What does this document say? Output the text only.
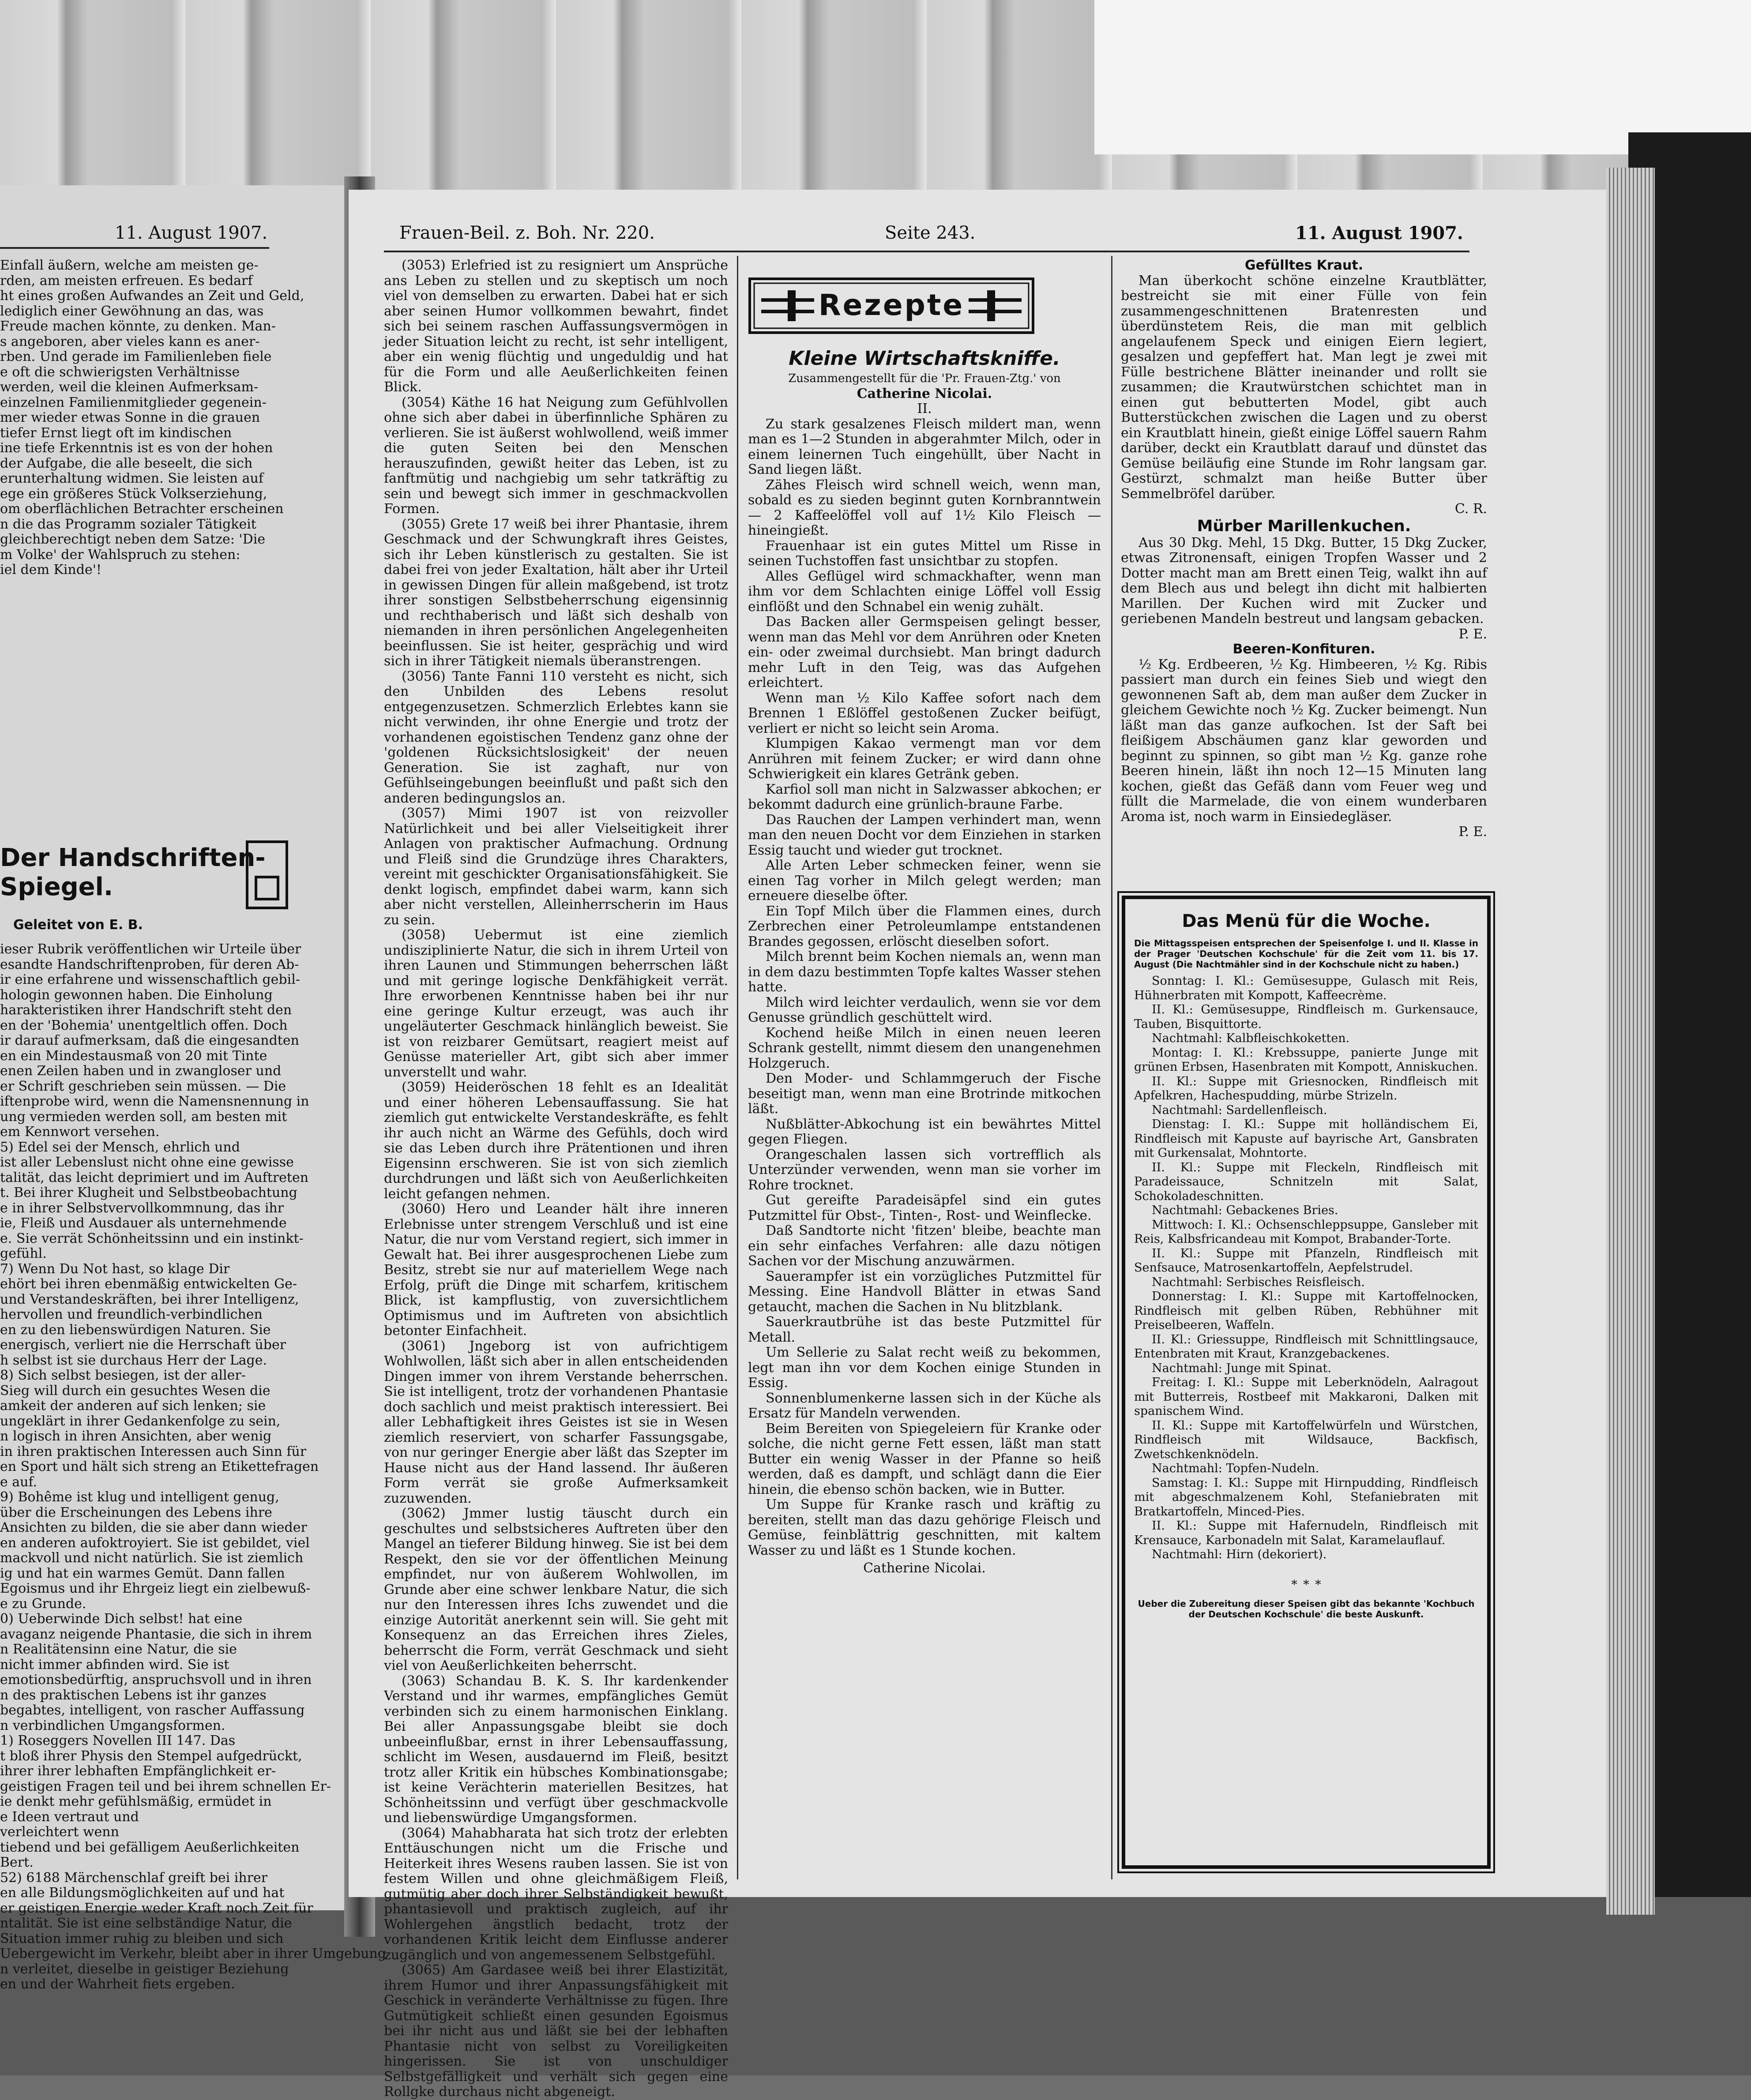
11. August 1907.

Einfall äußern, welche am meisten ge-

rden, am meisten erfreuen. Es bedarf

ht eines großen Aufwandes an Zeit und Geld,

lediglich einer Gewöhnung an das, was

Freude machen könnte, zu denken. Man-

s angeboren, aber vieles kann es aner-

rben. Und gerade im Familienleben fiele

e oft die schwierigsten Verhältnisse

werden, weil die kleinen Aufmerksam-

einzelnen Familienmitglieder gegenein-

mer wieder etwas Sonne in die grauen

tiefer Ernst liegt oft im kindischen

ine tiefe Erkenntnis ist es von der hohen

der Aufgabe, die alle beseelt, die sich

erunterhaltung widmen. Sie leisten auf

ege ein größeres Stück Volkserziehung,

om oberflächlichen Betrachter erscheinen

n die das Programm sozialer Tätigkeit

gleichberechtigt neben dem Satze: 'Die

m Volke' der Wahlspruch zu stehen:

iel dem Kinde'!

Der Handschriften-
Spiegel.
Geleitet von E. B.

ieser Rubrik veröffentlichen wir Urteile über

esandte Handschriftenproben, für deren Ab-

ir eine erfahrene und wissenschaftlich gebil-

hologin gewonnen haben. Die Einholung

harakteristiken ihrer Handschrift steht den

en der 'Bohemia' unentgeltlich offen. Doch

ir darauf aufmerksam, daß die eingesandten

en ein Mindestausmaß von 20 mit Tinte

enen Zeilen haben und in zwangloser und

er Schrift geschrieben sein müssen. — Die

iftenprobe wird, wenn die Namensnennung in

ung vermieden werden soll, am besten mit

em Kennwort versehen.

5) Edel sei der Mensch, ehrlich und

ist aller Lebenslust nicht ohne eine gewisse

talität, das leicht deprimiert und im Auftreten

t. Bei ihrer Klugheit und Selbstbeobachtung

e in ihrer Selbstvervollkommnung, das ihr

ie, Fleiß und Ausdauer als unternehmende

e. Sie verrät Schönheitssinn und ein instinkt-

gefühl.

7) Wenn Du Not hast, so klage Dir

ehört bei ihren ebenmäßig entwickelten Ge-

und Verstandeskräften, bei ihrer Intelligenz,

hervollen und freundlich-verbindlichen

en zu den liebenswürdigen Naturen. Sie

energisch, verliert nie die Herrschaft über

h selbst ist sie durchaus Herr der Lage.

8) Sich selbst besiegen, ist der aller-

Sieg will durch ein gesuchtes Wesen die

amkeit der anderen auf sich lenken; sie

ungeklärt in ihrer Gedankenfolge zu sein,

n logisch in ihren Ansichten, aber wenig

in ihren praktischen Interessen auch Sinn für

en Sport und hält sich streng an Etikettefragen

e auf.

9) Bohême ist klug und intelligent genug,

über die Erscheinungen des Lebens ihre

Ansichten zu bilden, die sie aber dann wieder

en anderen aufoktroyiert. Sie ist gebildet, viel

mackvoll und nicht natürlich. Sie ist ziemlich

ig und hat ein warmes Gemüt. Dann fallen

Egoismus und ihr Ehrgeiz liegt ein zielbewuß-

e zu Grunde.

0) Ueberwinde Dich selbst! hat eine

avaganz neigende Phantasie, die sich in ihrem

n Realitätensinn eine Natur, die sie

nicht immer abfinden wird. Sie ist

emotionsbedürftig, anspruchsvoll und in ihren

n des praktischen Lebens ist ihr ganzes

begabtes, intelligent, von rascher Auffassung

n verbindlichen Umgangsformen.

1) Roseggers Novellen III 147. Das

t bloß ihrer Physis den Stempel aufgedrückt,

ihrer ihrer lebhaften Empfänglichkeit er-

geistigen Fragen teil und bei ihrem schnellen Er-

ie denkt mehr gefühlsmäßig, ermüdet in

e Ideen vertraut und

verleichtert wenn

tiebend und bei gefälligem Aeußerlichkeiten

Bert.

52) 6188 Märchenschlaf greift bei ihrer

en alle Bildungsmöglichkeiten auf und hat

er geistigen Energie weder Kraft noch Zeit für

ntalität. Sie ist eine selbständige Natur, die

Situation immer ruhig zu bleiben und sich

Uebergewicht im Verkehr, bleibt aber in ihrer Umgebung

n verleitet, dieselbe in geistiger Beziehung

en und der Wahrheit fiets ergeben.

Frauen-Beil. z. Boh. Nr. 220.	Seite 243.	11. August 1907.

(3053) Erlefried ist zu resigniert um Ansprüche ans Leben zu stellen und zu skeptisch um noch viel von demselben zu erwarten. Dabei hat er sich aber seinen Humor vollkommen bewahrt, findet sich bei seinem raschen Auffassungsvermögen in jeder Situation leicht zu recht, ist sehr intelligent, aber ein wenig flüchtig und ungeduldig und hat für die Form und alle Aeußerlichkeiten feinen Blick.

(3054) Käthe 16 hat Neigung zum Gefühlvollen ohne sich aber dabei in überfinnliche Sphären zu verlieren. Sie ist äußerst wohlwollend, weiß immer die guten Seiten bei den Menschen herauszufinden, gewißt heiter das Leben, ist zu fanftmütig und nachgiebig um sehr tatkräftig zu sein und bewegt sich immer in geschmackvollen Formen.

(3055) Grete 17 weiß bei ihrer Phantasie, ihrem Geschmack und der Schwungkraft ihres Geistes, sich ihr Leben künstlerisch zu gestalten. Sie ist dabei frei von jeder Exaltation, hält aber ihr Urteil in gewissen Dingen für allein maßgebend, ist trotz ihrer sonstigen Selbstbeherrschung eigensinnig und rechthaberisch und läßt sich deshalb von niemanden in ihren persönlichen Angelegenheiten beeinflussen. Sie ist heiter, gesprächig und wird sich in ihrer Tätigkeit niemals überanstrengen.

(3056) Tante Fanni 110 versteht es nicht, sich den Unbilden des Lebens resolut entgegenzusetzen. Schmerzlich Erlebtes kann sie nicht verwinden, ihr ohne Energie und trotz der vorhandenen egoistischen Tendenz ganz ohne der 'goldenen Rücksichtslosigkeit' der neuen Generation. Sie ist zaghaft, nur von Gefühlseingebungen beeinflußt und paßt sich den anderen bedingungslos an.

(3057) Mimi 1907 ist von reizvoller Natürlichkeit und bei aller Vielseitigkeit ihrer Anlagen von praktischer Aufmachung. Ordnung und Fleiß sind die Grundzüge ihres Charakters, vereint mit geschickter Organisationsfähigkeit. Sie denkt logisch, empfindet dabei warm, kann sich aber nicht verstellen, Alleinherrscherin im Haus zu sein.

(3058) Uebermut ist eine ziemlich undisziplinierte Natur, die sich in ihrem Urteil von ihren Launen und Stimmungen beherrschen läßt und mit geringe logische Denkfähigkeit verrät. Ihre erworbenen Kenntnisse haben bei ihr nur eine geringe Kultur erzeugt, was auch ihr ungeläuterter Geschmack hinlänglich beweist. Sie ist von reizbarer Gemütsart, reagiert meist auf Genüsse materieller Art, gibt sich aber immer unverstellt und wahr.

(3059) Heideröschen 18 fehlt es an Idealität und einer höheren Lebensauffassung. Sie hat ziemlich gut entwickelte Verstandeskräfte, es fehlt ihr auch nicht an Wärme des Gefühls, doch wird sie das Leben durch ihre Prätentionen und ihren Eigensinn erschweren. Sie ist von sich ziemlich durchdrungen und läßt sich von Aeußerlichkeiten leicht gefangen nehmen.

(3060) Hero und Leander hält ihre inneren Erlebnisse unter strengem Verschluß und ist eine Natur, die nur vom Verstand regiert, sich immer in Gewalt hat. Bei ihrer ausgesprochenen Liebe zum Besitz, strebt sie nur auf materiellem Wege nach Erfolg, prüft die Dinge mit scharfem, kritischem Blick, ist kampflustig, von zuversichtlichem Optimismus und im Auftreten von absichtlich betonter Einfachheit.

(3061) Jngeborg ist von aufrichtigem Wohlwollen, läßt sich aber in allen entscheidenden Dingen immer von ihrem Verstande beherrschen. Sie ist intelligent, trotz der vorhandenen Phantasie doch sachlich und meist praktisch interessiert. Bei aller Lebhaftigkeit ihres Geistes ist sie in Wesen ziemlich reserviert, von scharfer Fassungsgabe, von nur geringer Energie aber läßt das Szepter im Hause nicht aus der Hand lassend. Ihr äußeren Form verrät sie große Aufmerksamkeit zuzuwenden.

(3062) Jmmer lustig täuscht durch ein geschultes und selbstsicheres Auftreten über den Mangel an tieferer Bildung hinweg. Sie ist bei dem Respekt, den sie vor der öffentlichen Meinung empfindet, nur von äußerem Wohlwollen, im Grunde aber eine schwer lenkbare Natur, die sich nur den Interessen ihres Ichs zuwendet und die einzige Autorität anerkennt sein will. Sie geht mit Konsequenz an das Erreichen ihres Zieles, beherrscht die Form, verrät Geschmack und sieht viel von Aeußerlichkeiten beherrscht.

(3063) Schandau B. K. S. Ihr kardenkender Verstand und ihr warmes, empfängliches Gemüt verbinden sich zu einem harmonischen Einklang. Bei aller Anpassungsgabe bleibt sie doch unbeeinflußbar, ernst in ihrer Lebensauffassung, schlicht im Wesen, ausdauernd im Fleiß, besitzt trotz aller Kritik ein hübsches Kombinationsgabe; ist keine Verächterin materiellen Besitzes, hat Schönheitssinn und verfügt über geschmackvolle und liebenswürdige Umgangsformen.

(3064) Mahabharata hat sich trotz der erlebten Enttäuschungen nicht um die Frische und Heiterkeit ihres Wesens rauben lassen. Sie ist von festem Willen und ohne gleichmäßigem Fleiß, gutmütig aber doch ihrer Selbständigkeit bewußt, phantasievoll und praktisch zugleich, auf ihr Wohlergehen ängstlich bedacht, trotz der vorhandenen Kritik leicht dem Einflusse anderer zugänglich und von angemessenem Selbstgefühl.

(3065) Am Gardasee weiß bei ihrer Elastizität, ihrem Humor und ihrer Anpassungsfähigkeit mit Geschick in veränderte Verhältnisse zu fügen. Ihre Gutmütigkeit schließt einen gesunden Egoismus bei ihr nicht aus und läßt sie bei der lebhaften Phantasie nicht von selbst zu Voreiligkeiten hingerissen. Sie ist von unschuldiger Selbstgefälligkeit und verhält sich gegen eine Rollgke durchaus nicht abgeneigt.

Rezepte

Kleine Wirtschaftskniffe.

Zusammengestellt für die 'Pr. Frauen-Ztg.' von

Catherine Nicolai.

II.

Zu stark gesalzenes Fleisch mildert man, wenn man es 1—2 Stunden in abgerahmter Milch, oder in einem leinernen Tuch eingehüllt, über Nacht in Sand liegen läßt.

Zähes Fleisch wird schnell weich, wenn man, sobald es zu sieden beginnt guten Kornbranntwein — 2 Kaffeelöffel voll auf 1½ Kilo Fleisch — hineingießt.

Frauenhaar ist ein gutes Mittel um Risse in seinen Tuchstoffen fast unsichtbar zu stopfen.

Alles Geflügel wird schmackhafter, wenn man ihm vor dem Schlachten einige Löffel voll Essig einflößt und den Schnabel ein wenig zuhält.

Das Backen aller Germspeisen gelingt besser, wenn man das Mehl vor dem Anrühren oder Kneten ein- oder zweimal durchsiebt. Man bringt dadurch mehr Luft in den Teig, was das Aufgehen erleichtert.

Wenn man ½ Kilo Kaffee sofort nach dem Brennen 1 Eßlöffel gestoßenen Zucker beifügt, verliert er nicht so leicht sein Aroma.

Klumpigen Kakao vermengt man vor dem Anrühren mit feinem Zucker; er wird dann ohne Schwierigkeit ein klares Getränk geben.

Karfiol soll man nicht in Salzwasser abkochen; er bekommt dadurch eine grünlich-braune Farbe.

Das Rauchen der Lampen verhindert man, wenn man den neuen Docht vor dem Einziehen in starken Essig taucht und wieder gut trocknet.

Alle Arten Leber schmecken feiner, wenn sie einen Tag vorher in Milch gelegt werden; man erneuere dieselbe öfter.

Ein Topf Milch über die Flammen eines, durch Zerbrechen einer Petroleumlampe entstandenen Brandes gegossen, erlöscht dieselben sofort.

Milch brennt beim Kochen niemals an, wenn man in dem dazu bestimmten Topfe kaltes Wasser stehen hatte.

Milch wird leichter verdaulich, wenn sie vor dem Genusse gründlich geschüttelt wird.

Kochend heiße Milch in einen neuen leeren Schrank gestellt, nimmt diesem den unangenehmen Holzgeruch.

Den Moder- und Schlammgeruch der Fische beseitigt man, wenn man eine Brotrinde mitkochen läßt.

Nußblätter-Abkochung ist ein bewährtes Mittel gegen Fliegen.

Orangeschalen lassen sich vortrefflich als Unterzünder verwenden, wenn man sie vorher im Rohre trocknet.

Gut gereifte Paradeisäpfel sind ein gutes Putzmittel für Obst-, Tinten-, Rost- und Weinflecke.

Daß Sandtorte nicht 'fitzen' bleibe, beachte man ein sehr einfaches Verfahren: alle dazu nötigen Sachen vor der Mischung anzuwärmen.

Sauerampfer ist ein vorzügliches Putzmittel für Messing. Eine Handvoll Blätter in etwas Sand getaucht, machen die Sachen in Nu blitzblank.

Sauerkrautbrühe ist das beste Putzmittel für Metall.

Um Sellerie zu Salat recht weiß zu bekommen, legt man ihn vor dem Kochen einige Stunden in Essig.

Sonnenblumenkerne lassen sich in der Küche als Ersatz für Mandeln verwenden.

Beim Bereiten von Spiegeleiern für Kranke oder solche, die nicht gerne Fett essen, läßt man statt Butter ein wenig Wasser in der Pfanne so heiß werden, daß es dampft, und schlägt dann die Eier hinein, die ebenso schön backen, wie in Butter.

Um Suppe für Kranke rasch und kräftig zu bereiten, stellt man das dazu gehörige Fleisch und Gemüse, feinblättrig geschnitten, mit kaltem Wasser zu und läßt es 1 Stunde kochen.

Catherine Nicolai.

Gefülltes Kraut.

Man überkocht schöne einzelne Krautblätter, bestreicht sie mit einer Fülle von fein zusammengeschnittenen Bratenresten und überdünstetem Reis, die man mit gelblich angelaufenem Speck und einigen Eiern legiert, gesalzen und gepfeffert hat. Man legt je zwei mit Fülle bestrichene Blätter ineinander und rollt sie zusammen; die Krautwürstchen schichtet man in einen gut bebutterten Model, gibt auch Butterstückchen zwischen die Lagen und zu oberst ein Krautblatt hinein, gießt einige Löffel sauern Rahm darüber, deckt ein Krautblatt darauf und dünstet das Gemüse beiläufig eine Stunde im Rohr langsam gar. Gestürzt, schmalzt man heiße Butter über Semmelbröfel darüber.

C. R.

Mürber Marillenkuchen.

Aus 30 Dkg. Mehl, 15 Dkg. Butter, 15 Dkg Zucker, etwas Zitronensaft, einigen Tropfen Wasser und 2 Dotter macht man am Brett einen Teig, walkt ihn auf dem Blech aus und belegt ihn dicht mit halbierten Marillen. Der Kuchen wird mit Zucker und geriebenen Mandeln bestreut und langsam gebacken.

P. E.

Beeren-Konfituren.

½ Kg. Erdbeeren, ½ Kg. Himbeeren, ½ Kg. Ribis passiert man durch ein feines Sieb und wiegt den gewonnenen Saft ab, dem man außer dem Zucker in gleichem Gewichte noch ½ Kg. Zucker beimengt. Nun läßt man das ganze aufkochen. Ist der Saft bei fleißigem Abschäumen ganz klar geworden und beginnt zu spinnen, so gibt man ½ Kg. ganze rohe Beeren hinein, läßt ihn noch 12—15 Minuten lang kochen, gießt das Gefäß dann vom Feuer weg und füllt die Marmelade, die von einem wunderbaren Aroma ist, noch warm in Einsiedegläser.

P. E.

Das Menü für die Woche.

Die Mittagsspeisen entsprechen der Speisenfolge I. und II. Klasse in der Prager 'Deutschen Kochschule' für die Zeit vom 11. bis 17. August (Die Nachtmähler sind in der Kochschule nicht zu haben.)

Sonntag: I. Kl.: Gemüsesuppe, Gulasch mit Reis, Hühnerbraten mit Kompott, Kaffeecrème.

II. Kl.: Gemüsesuppe, Rindfleisch m. Gurkensauce, Tauben, Bisquittorte.

Nachtmahl: Kalbfleischkoketten.

Montag: I. Kl.: Krebssuppe, panierte Junge mit grünen Erbsen, Hasenbraten mit Kompott, Anniskuchen.

II. Kl.: Suppe mit Griesnocken, Rindfleisch mit Apfelkren, Hachespudding, mürbe Strizeln.

Nachtmahl: Sardellenfleisch.

Dienstag: I. Kl.: Suppe mit holländischem Ei, Rindfleisch mit Kapuste auf bayrische Art, Gansbraten mit Gurkensalat, Mohntorte.

II. Kl.: Suppe mit Fleckeln, Rindfleisch mit Paradeissauce, Schnitzeln mit Salat, Schokoladeschnitten.

Nachtmahl: Gebackenes Bries.

Mittwoch: I. Kl.: Ochsenschleppsuppe, Gansleber mit Reis, Kalbsfricandeau mit Kompot, Brabander-Torte.

II. Kl.: Suppe mit Pfanzeln, Rindfleisch mit Senfsauce, Matrosenkartoffeln, Aepfelstrudel.

Nachtmahl: Serbisches Reisfleisch.

Donnerstag: I. Kl.: Suppe mit Kartoffelnocken, Rindfleisch mit gelben Rüben, Rebhühner mit Preiselbeeren, Waffeln.

II. Kl.: Griessuppe, Rindfleisch mit Schnittlingsauce, Entenbraten mit Kraut, Kranzgebackenes.

Nachtmahl: Junge mit Spinat.

Freitag: I. Kl.: Suppe mit Leberknödeln, Aalragout mit Butterreis, Rostbeef mit Makkaroni, Dalken mit spanischem Wind.

II. Kl.: Suppe mit Kartoffelwürfeln und Würstchen, Rindfleisch mit Wildsauce, Backfisch, Zwetschkenknödeln.

Nachtmahl: Topfen-Nudeln.

Samstag: I. Kl.: Suppe mit Hirnpudding, Rindfleisch mit abgeschmalzenem Kohl, Stefaniebraten mit Bratkartoffeln, Minced-Pies.

II. Kl.: Suppe mit Hafernudeln, Rindfleisch mit Krensauce, Karbonadeln mit Salat, Karamelauflauf.

Nachtmahl: Hirn (dekoriert).

∗ ∗ ∗

Ueber die Zubereitung dieser Speisen gibt das bekannte 'Kochbuch der Deutschen Kochschule' die beste Auskunft.
